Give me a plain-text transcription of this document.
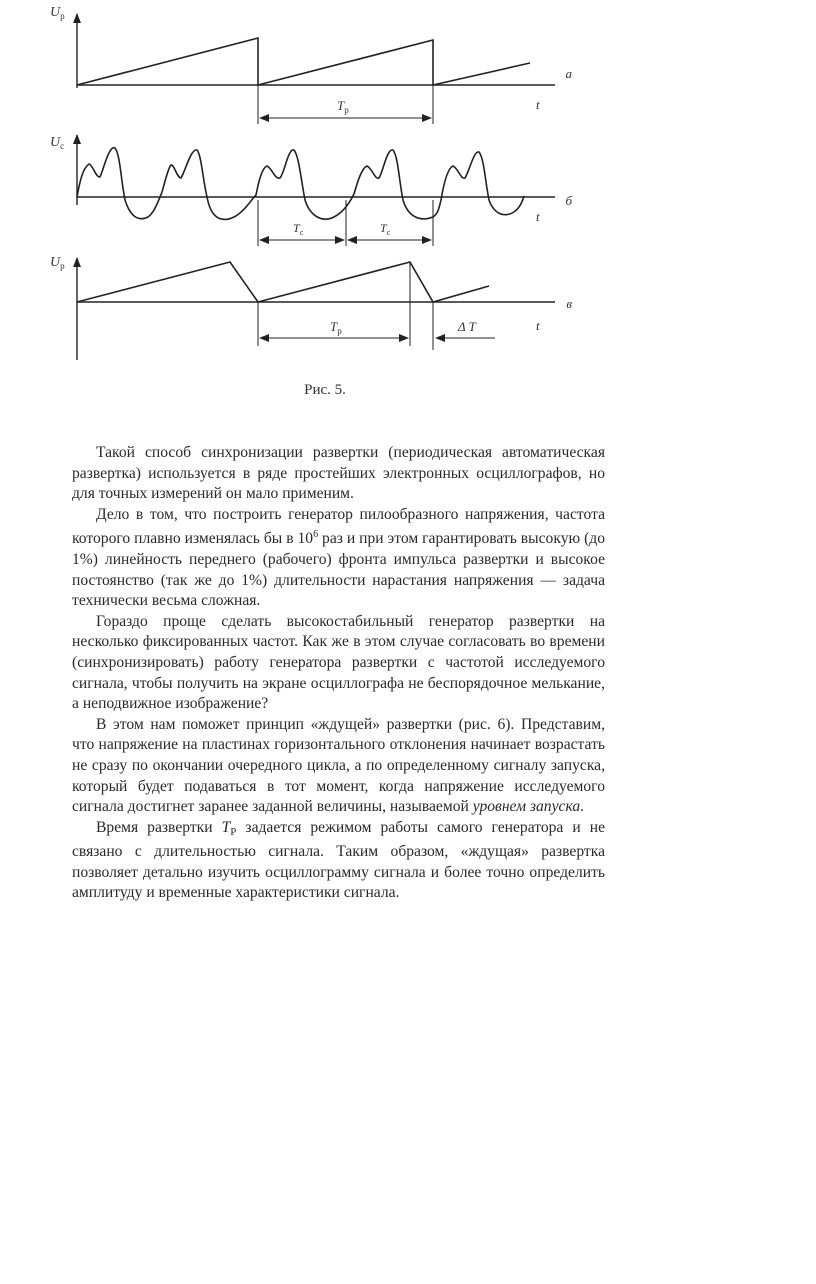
$U_р$
t
а
$T_р$
$U_с$
t
б
$T_с$	$T_с$
$U_р$
t
в
$T_р$	Δ T
Рис. 5.

Такой способ синхронизации развертки (периодическая автоматическая развертка) используется в ряде простейших электронных осциллографов, но для точных измерений он мало применим.

Дело в том, что построить генератор пилообразного напряжения, частота которого плавно изменялась бы в $10^6$ раз и при этом гарантировать высокую (до 1%) линейность переднего (рабочего) фронта импульса развертки и высокое постоянство (так же до 1%) длительности нарастания напряжения — задача технически весьма сложная.

Гораздо проще сделать высокостабильный генератор развертки на несколько фиксированных частот. Как же в этом случае согласовать во времени (синхронизировать) работу генератора развертки с частотой исследуемого сигнала, чтобы получить на экране осциллографа не беспорядочное мелькание, а неподвижное изображение?

В этом нам поможет принцип «ждущей» развертки (рис. 6). Представим, что напряжение на пластинах горизонтального отклонения начинает возрастать не сразу по окончании очередного цикла, а по определенному сигналу запуска, который будет подаваться в тот момент, когда напряжение исследуемого сигнала достигнет заранее заданной величины, называемой уровнем запуска.

Время развертки $T_Р$ задается режимом работы самого генератора и не связано с длительностью сигнала. Таким образом, «ждущая» развертка позволяет детально изучить осциллограмму сигнала и более точно определить амплитуду и временные характеристики сигнала.
